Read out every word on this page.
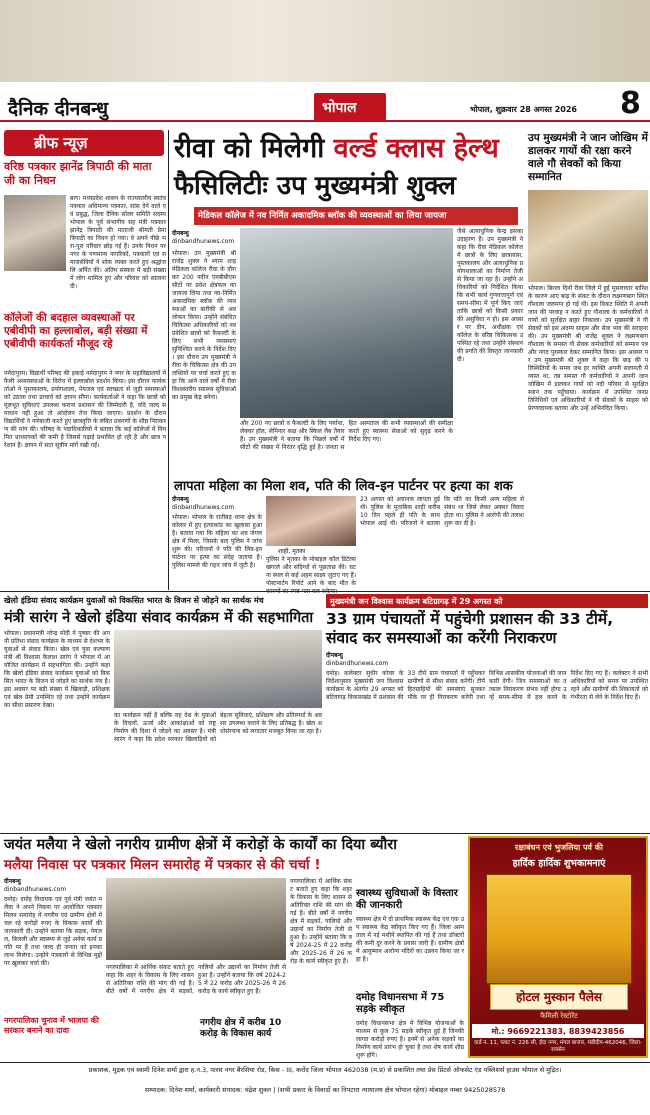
दैनिक दीनबन्धु	भोपाल	भोपाल, शुक्रवार 28 अगस्त 2026 8
ब्रीफ न्यूज़
वरिष्ठ पत्रकार झानेंद्र त्रिपाठी की माता जी का निधन
बाग। मध्यप्रदेश शासन के राज्यस्तरीय स्वतंत्र पत्रकार अधिमान्य पत्रकार, सांस देने वाले एवं प्रबुद्ध, जिला दैनिक सोलर समिति सदस्य भोपाल के पूर्व संभागीय सह मंत्री पत्रकार झानेंद्र त्रिपाठी की माताजी श्रीमती प्रेमा त्रिपाठी का निधन हो गया। वे अपने पीछे भरा-पूरा परिवार छोड़ गई हैं। उनके निधन पर नगर के गणमान्य नागरिकों, पत्रकारों एवं समाजसेवियों ने शोक व्यक्त करते हुए श्रद्धांजलि अर्पित की। अंतिम संस्कार में बड़ी संख्या में लोग शामिल हुए और परिवार को सांत्वना दी।
कॉलेजों की बदहाल व्यवस्थाओं पर एबीवीपी का हल्लाबोल, बड़ी संख्या में एबीवीपी कार्यकर्ता मौजूद रहे
नर्मदापुरम। विद्यार्थी परिषद की इकाई नर्मदापुरम ने नगर के महाविद्यालयों में फैली अव्यवस्थाओं के विरोध में हल्लाबोल प्रदर्शन किया। इस दौरान कार्यकर्ताओं ने पुस्तकालय, प्रयोगशाला, पेयजल एवं स्वच्छता से जुड़ी समस्याओं को उठाया तथा प्राचार्य को ज्ञापन सौंपा। कार्यकर्ताओं ने कहा कि छात्रों को मूलभूत सुविधाएं उपलब्ध कराना प्रशासन की जिम्मेदारी है, यदि जल्द समाधान नहीं हुआ तो आंदोलन तेज किया जाएगा। प्रदर्शन के दौरान विद्यार्थियों ने नारेबाजी करते हुए छात्रवृत्ति के लंबित प्रकरणों के शीघ्र निराकरण की मांग की। परिषद के पदाधिकारियों ने बताया कि कई कॉलेजों में नियमित प्राध्यापकों की कमी है जिससे पढ़ाई प्रभावित हो रही है और छात्र परेशान हैं। ज्ञापन में सात सूत्रीय मांगें रखी गईं।
रीवा को मिलेगी वर्ल्ड क्लास हेल्थ
फैसिलिटीः उप मुख्यमंत्री शुक्ल
मेडिकल कॉलेज में नव निर्मित अकादमिक ब्लॉक की व्यवस्थाओं का लिया जायजा
दीनबन्धु
dinbandhunews.com
भोपाल। उप मुख्यमंत्री श्री राजेंद्र शुक्ल ने श्याम शाह मेडिकल कॉलेज रीवा के दौरा कर 200 नवीन एमबीबीएस सीटों पर प्रवेश क्षेत्रफल का जायजा लिया तथा नव-निर्मित अकादमिक ब्लॉक की व्यवस्थाओं का बारीकी से अवलोकन किया। उन्होंने संबंधित चिकित्सा अधिकारियों को नव प्रवेशित छात्रों को फैकल्टी के लिए सभी व्यवस्थाएं सुनिश्चित करने के निर्देश दिए। इस दौरान उप मुख्यमंत्री ने रीवा के चिकित्सा क्षेत्र की उपलब्धियों पर चर्चा करते हुए कहा कि आने वाले वर्षों में रीवा विश्वस्तरीय स्वास्थ्य सुविधाओं का प्रमुख केंद्र बनेगा।
और 200 नए छात्रों व फैकल्टी के लिए पर्याप्त, लेक्चर हॉल, सेमिनार कक्ष और स्किल लैब तैयार हैं। उप मुख्यमंत्री ने बताया कि पिछले वर्षों में सीटों की संख्या में निरंतर वृद्धि हुई है। जनता सहित अस्पताल की सभी व्यवस्थाओं की समीक्षा करते हुए स्वास्थ्य सेवाओं को सुदृढ़ करने के निर्देश दिए गए।
जैसे अत्याधुनिक केन्द्र इसका उदाहरण हैं। उप मुख्यमंत्री ने कहा कि रीवा मेडिकल कॉलेज में छात्रों के लिए छात्रावास, पुस्तकालय और अत्याधुनिक प्रयोगशालाओं का निर्माण तेजी से किया जा रहा है। उन्होंने अधिकारियों को निर्देशित किया कि सभी कार्य गुणवत्तापूर्ण एवं समय-सीमा में पूर्ण किए जाएं ताकि छात्रों को किसी प्रकार की असुविधा न हो। इस अवसर पर डीन, अधीक्षक एवं कॉलेज के वरिष्ठ चिकित्सक उपस्थित रहे तथा उन्होंने संस्थान की प्रगति की विस्तृत जानकारी दी।
उप मुख्यमंत्री ने जान जोखिम में डालकर गायों की रक्षा करने वाले गौ सेवकों को किया सम्मानित
भोपाल। बिरला दिनों रीवा जिले में हुई मूसलाधार बारिश के कारण आए बाढ़ के संकट के दौरान लक्ष्मणबाग स्थित गौशाला जलमग्न हो गई थी। इस विकट स्थिति में अपनी जान की परवाह न करते हुए गौशाला के कर्मचारियों ने गायों को सुरक्षित बाहर निकाला। उप मुख्यमंत्री ने गौ सेवकों को इस अदम्य साहस और सेवा भाव की सराहना की। उप मुख्यमंत्री श्री राजेंद्र शुक्ल ने लक्ष्मणबाग गौशाला के समस्त गौ सेवक कर्मचारियों को सम्मान पत्र और नगद पुरस्कार देकर सम्मानित किया। इस अवसर पर उप मुख्यमंत्री श्री शुक्ल ने कहा कि बाढ़ की परिस्थितियों के समय जब हर व्यक्ति अपनी सलामती में व्यस्त था, तब समस्त गौ कर्मचारियों ने अपनी जान जोखिम में डालकर गायों को नदी परिसर से सुरक्षित स्थान तक पहुँचाया। कार्यक्रम में उपस्थित जनप्रतिनिधियों एवं अधिकारियों ने गौ सेवकों के साहस को प्रेरणादायक बताया और उन्हें अभिनंदित किया।
लापता महिला का मिला शव, पति की लिव-इन पार्टनर पर हत्या का शक
दीनबन्धु
dinbandhunews.com
भोपाल। भोपाल के रातीबड़ थाना क्षेत्र के कोलार में हुए हत्याकांड का खुलासा हुआ है। बताया गया कि महिला का शव जंगल क्षेत्र में मिला, जिसके बाद पुलिस ने जांच शुरू की। परिजनों ने पति की लिव-इन पार्टनर पर हत्या का संदेह जताया है। पुलिस मामले की गहन जांच में जुटी है।
शाही, मृतका
पुलिस ने मृतका के मोबाइल कॉल डिटेल्स खंगाले और संदिग्धों से पूछताछ की। घटना स्थल से कई अहम साक्ष्य जुटाए गए हैं। पोस्टमार्टम रिपोर्ट आने के बाद मौत के
23 अगस्त को अचानक लापता हुई थी। पुलिस के मुताबिक शाही करीब 10 दिन पहले ही पति के साथ भोपाल आई थी। परिजनों ने बताया कि पति का किसी अन्य महिला से संबंध था जिसे लेकर अक्सर विवाद होता था। पुलिस ने आरोपी की तलाश शुरू कर दी है।
खेलो इंडिया संवाद कार्यक्रम युवाओं को विकसित भारत के विजन से जोड़ने का सार्थक मंच
मंत्री सारंग ने खेलो इंडिया संवाद कार्यक्रम में की सहभागिता
भोपाल। प्रधानमंत्री नरेन्द्र मोदी ने पुष्कर की अपनी प्रतिभा संवाद कार्यक्रम के माध्यम से देशभर के युवाओं से संवाद किया। खेल एवं युवा कल्याण मंत्री श्री विश्वास कैलाश सारंग ने भोपाल में आयोजित कार्यक्रम में सहभागिता की। उन्होंने कहा कि खेलो इंडिया संवाद कार्यक्रम युवाओं को विकसित भारत के विजन से जोड़ने का सार्थक मंच है। इस अवसर पर बड़ी संख्या में खिलाड़ी, प्रशिक्षक एवं खेल प्रेमी उपस्थित रहे तथा उन्होंने कार्यक्रम का सीधा प्रसारण देखा।
का कार्यक्रम नहीं है बल्कि यह देश के युवाओं के विचारों, ऊर्जा और आकांक्षाओं को राष्ट्र निर्माण की दिशा में जोड़ने का अवसर है। मंत्री सारंग ने कहा कि प्रदेश सरकार खिलाड़ियों को बेहतर सुविधाएं, प्रशिक्षण और प्रतिस्पर्धा के अवसर उपलब्ध कराने के लिए प्रतिबद्ध है। खेल अधोसंरचना को लगातार मजबूत किया जा रहा है।
मुख्यमंत्री जन विश्वास कार्यक्रम बटिग्रागढ़ में 29 अगस्त को
33 ग्राम पंचायतों में पहुंचेगी प्रशासन की 33 टीमें, संवाद कर समस्याओं का करेंगी निराकरण
दीनबन्धु
dinbandhunews.com
दमोह। कलेक्टर सुधीर कोचर के निर्देशानुसार मुख्यमंत्री जन विश्वास कार्यक्रम के अंतर्गत 29 अगस्त को बटियागढ़ विकासखंड में प्रशासन की 33 टीमें ग्राम पंचायतों में पहुँचकर ग्रामीणों से सीधा संवाद करेंगी। टीमें हितग्राहियों की समस्याएं सुनकर मौके पर ही निराकरण करेंगी तथा विभिन्न शासकीय योजनाओं की जानकारी देंगी। जिन समस्याओं का तत्काल निराकरण संभव नहीं होगा उन्हें समय-सीमा में हल करने के निर्देश दिए गए हैं। कलेक्टर ने सभी अधिकारियों को समय पर उपस्थित रहने और ग्रामीणों की शिकायतों को गंभीरता से लेने के निर्देश दिए हैं।
जयंत मलैया ने खेलो नगरीय ग्रामीण क्षेत्रों में करोड़ों के कार्यों का दिया ब्यौरा
मलैया निवास पर पत्रकार मिलन समारोह में पत्रकार से की चर्चा !
दीनबन्धु
dinbandhunews.com
दमोह। दमोह विधायक एवं पूर्व मंत्री जयंत मलैया ने अपने निवास पर आयोजित पत्रकार मिलन समारोह में नगरीय एवं ग्रामीण क्षेत्रों में चल रहे करोड़ों रुपए के विकास कार्यों की जानकारी दी। उन्होंने बताया कि सड़क, पेयजल, बिजली और स्वास्थ्य से जुड़े अनेक कार्य प्रगति पर हैं तथा जल्द ही जनता को इनका लाभ मिलेगा। उन्होंने पत्रकारों से विभिन्न मुद्दों पर खुलकर चर्चा की।
नगरपालिका चुनाव में भाजपा की सरकार बनाने का दावा
नगरपालिका में आर्थिक संकट बताते हुए कहा कि शहर के विकास के लिए शासन से अतिरिक्त राशि की मांग की गई है। बीते वर्षों में नगरीय क्षेत्र में सड़कों, नालियों और उद्यानों का निर्माण तेजी से हुआ है। उन्होंने बताया कि वर्ष 2024-25 में 22 करोड़ और 2025-26 में 26 करोड़ के कार्य स्वीकृत हुए हैं।
नगरीय क्षेत्र में करीब 10 करोड़ के विकास कार्य
नगरपालिका में आर्थिक संकट बताते हुए कहा कि शहर के विकास के लिए शासन से अतिरिक्त राशि की मांग की गई है। बीते वर्षों में नगरीय क्षेत्र में सड़कों, नालियों और उद्यानों का निर्माण तेजी से हुआ है। उन्होंने बताया कि वर्ष 2024-25 में 22 करोड़ और 2025-26 में 26 करोड़ के कार्य स्वीकृत हुए हैं।
स्वास्थ्य सुविधाओं के विस्तार की जानकारी
स्वास्थ्य क्षेत्र में दो प्राथमिक स्वास्थ्य केंद्र एवं एक उप स्वास्थ्य केंद्र स्वीकृत किए गए हैं। जिला अस्पताल में नई मशीनें स्थापित की गई हैं तथा डॉक्टरों की कमी दूर करने के प्रयास जारी हैं। ग्रामीण क्षेत्रों में आयुष्मान आरोग्य मंदिरों का उन्नयन किया जा रहा है।
दमोह विधानसभा में 75 सड़के स्वीकृत
दमोह विधानसभा क्षेत्र में विभिन्न योजनाओं के माध्यम से कुल 75 सड़कें स्वीकृत हुई हैं जिनकी लागत करोड़ों रुपए है। इनमें से अनेक सड़कों का निर्माण कार्य प्रारंभ हो चुका है तथा शेष कार्य शीघ्र शुरू होंगे।
रक्षाबंधन एवं भुजलिया पर्व की
हार्दिक हार्दिक शुभकामनाएं
होटल मुस्कान पैलेस
फैमिली रेस्टोरेंट
मो.: 9669221383, 8839423856
वार्ड न. 11, प्लाट न. 226 सी, ईदा नगर, मंगल बाजार, मंडीदीप-462046, जिला-रायसेन
प्रकाशक, मुद्रक एवं स्वामी दिनेश शर्मा द्वारा ह.न.3, पारस नगर बैरसिया रोड, किस - III, करोंद जिला भोपाल 462038 (म.प्र) से प्रकाशित तथा प्रेस प्रिंटर्स ऑफसेट एंड पब्लिशर्स हाउस भोपाल से मुद्रित।
सम्पादक: दिनेश शर्मा, कार्यकारी संपादक: चंद्रेश शुक्ल | (सभी प्रकार के विवादों का निपटारा न्यायालय क्षेत्र भोपाल रहेगा) मोबाइल नम्बर 9425028578
